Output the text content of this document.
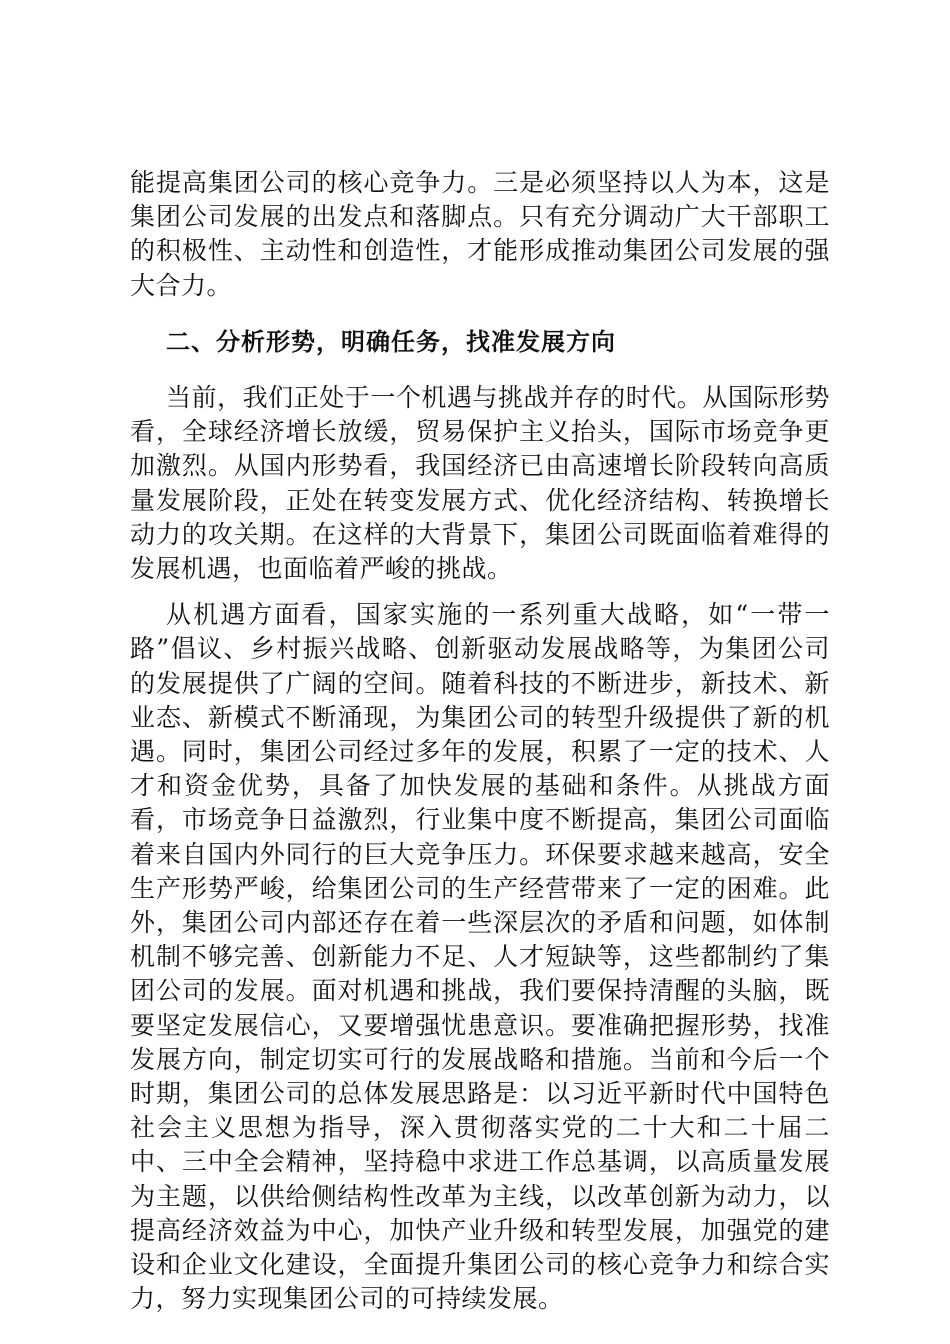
能提高集团公司的核心竞争力。三是必须坚持以人为本，这是集团公司发展的出发点和落脚点。只有充分调动广大干部职工的积极性、主动性和创造性，才能形成推动集团公司发展的强大合力。

二、分析形势，明确任务，找准发展方向

当前，我们正处于一个机遇与挑战并存的时代。从国际形势看，全球经济增长放缓，贸易保护主义抬头，国际市场竞争更加激烈。从国内形势看，我国经济已由高速增长阶段转向高质量发展阶段，正处在转变发展方式、优化经济结构、转换增长动力的攻关期。在这样的大背景下，集团公司既面临着难得的发展机遇，也面临着严峻的挑战。

从机遇方面看，国家实施的一系列重大战略，如“一带一路”倡议、乡村振兴战略、创新驱动发展战略等，为集团公司的发展提供了广阔的空间。随着科技的不断进步，新技术、新业态、新模式不断涌现，为集团公司的转型升级提供了新的机遇。同时，集团公司经过多年的发展，积累了一定的技术、人才和资金优势，具备了加快发展的基础和条件。从挑战方面看，市场竞争日益激烈，行业集中度不断提高，集团公司面临着来自国内外同行的巨大竞争压力。环保要求越来越高，安全生产形势严峻，给集团公司的生产经营带来了一定的困难。此外，集团公司内部还存在着一些深层次的矛盾和问题，如体制机制不够完善、创新能力不足、人才短缺等，这些都制约了集团公司的发展。面对机遇和挑战，我们要保持清醒的头脑，既要坚定发展信心，又要增强忧患意识。要准确把握形势，找准发展方向，制定切实可行的发展战略和措施。当前和今后一个时期，集团公司的总体发展思路是：以习近平新时代中国特色社会主义思想为指导，深入贯彻落实党的二十大和二十届二中、三中全会精神，坚持稳中求进工作总基调，以高质量发展为主题，以供给侧结构性改革为主线，以改革创新为动力，以提高经济效益为中心，加快产业升级和转型发展，加强党的建设和企业文化建设，全面提升集团公司的核心竞争力和综合实力，努力实现集团公司的可持续发展。
